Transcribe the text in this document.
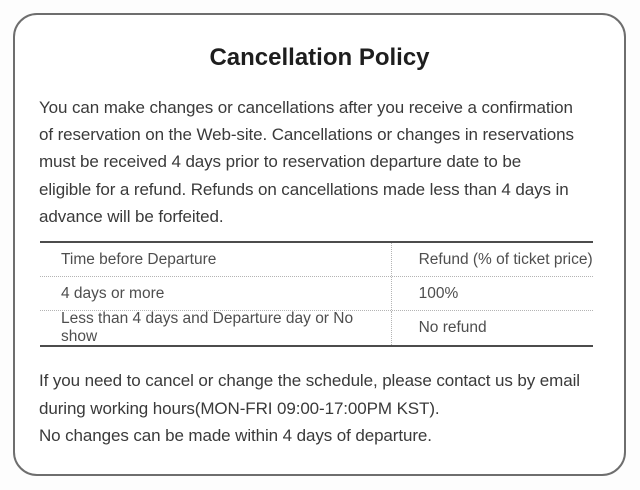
Cancellation Policy
You can make changes or cancellations after you receive a confirmation
of reservation on the Web-site. Cancellations or changes in reservations
must be received 4 days prior to reservation departure date to be
eligible for a refund. Refunds on cancellations made less than 4 days in
advance will be forfeited.
Time before Departure	Refund (% of ticket price)
4 days or more	100%
Less than 4 days and Departure day or No show
No refund
If you need to cancel or change the schedule, please contact us by email
during working hours(MON-FRI 09:00-17:00PM KST).
No changes can be made within 4 days of departure.
